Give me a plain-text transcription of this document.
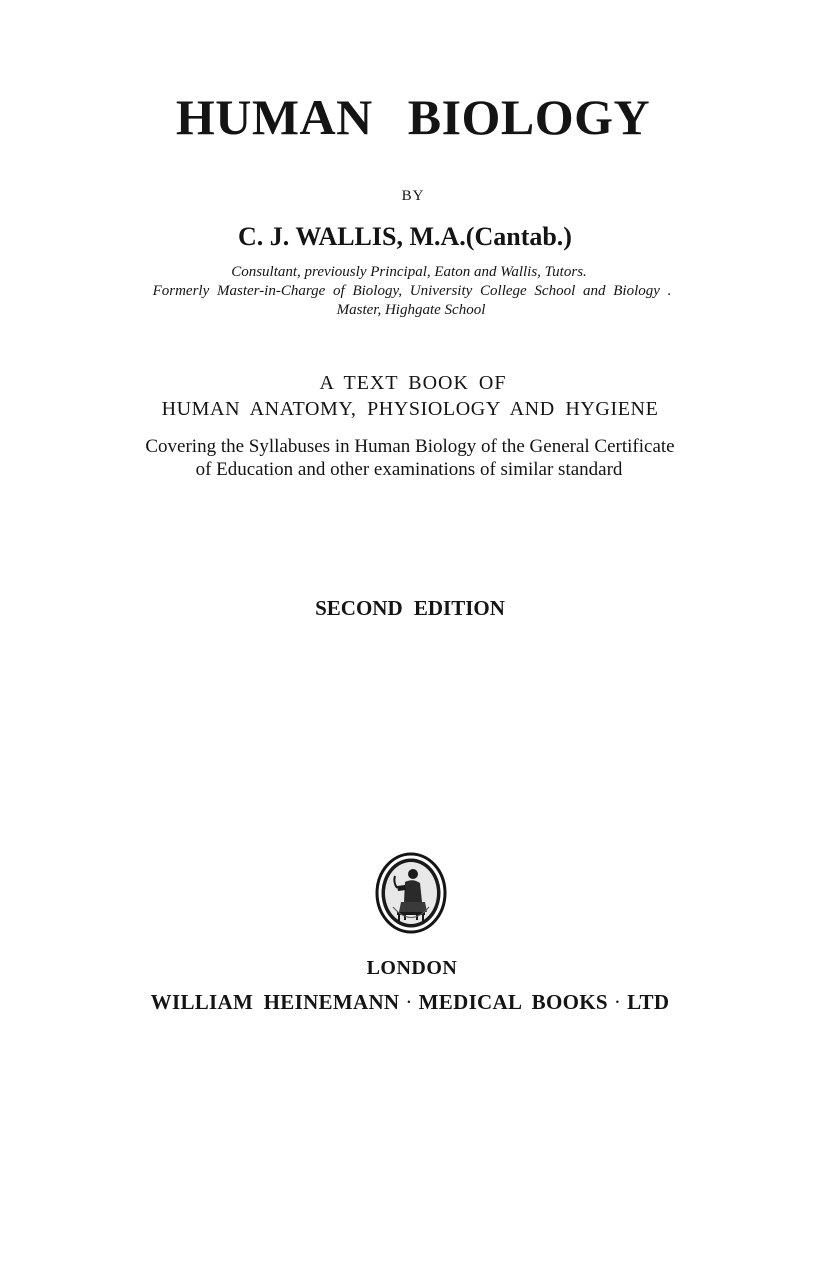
HUMAN BIOLOGY
BY
C. J. WALLIS, M.A.(Cantab.)
Consultant, previously Principal, Eaton and Wallis, Tutors.
Formerly Master-in-Charge of Biology, University College School and Biology .
Master, Highgate School
A TEXT BOOK OF
HUMAN ANATOMY, PHYSIOLOGY AND HYGIENE
Covering the Syllabuses in Human Biology of the General Certificate
of Education and other examinations of similar standard
SECOND EDITION
LONDON
WILLIAM HEINEMANN · MEDICAL BOOKS · LTD
